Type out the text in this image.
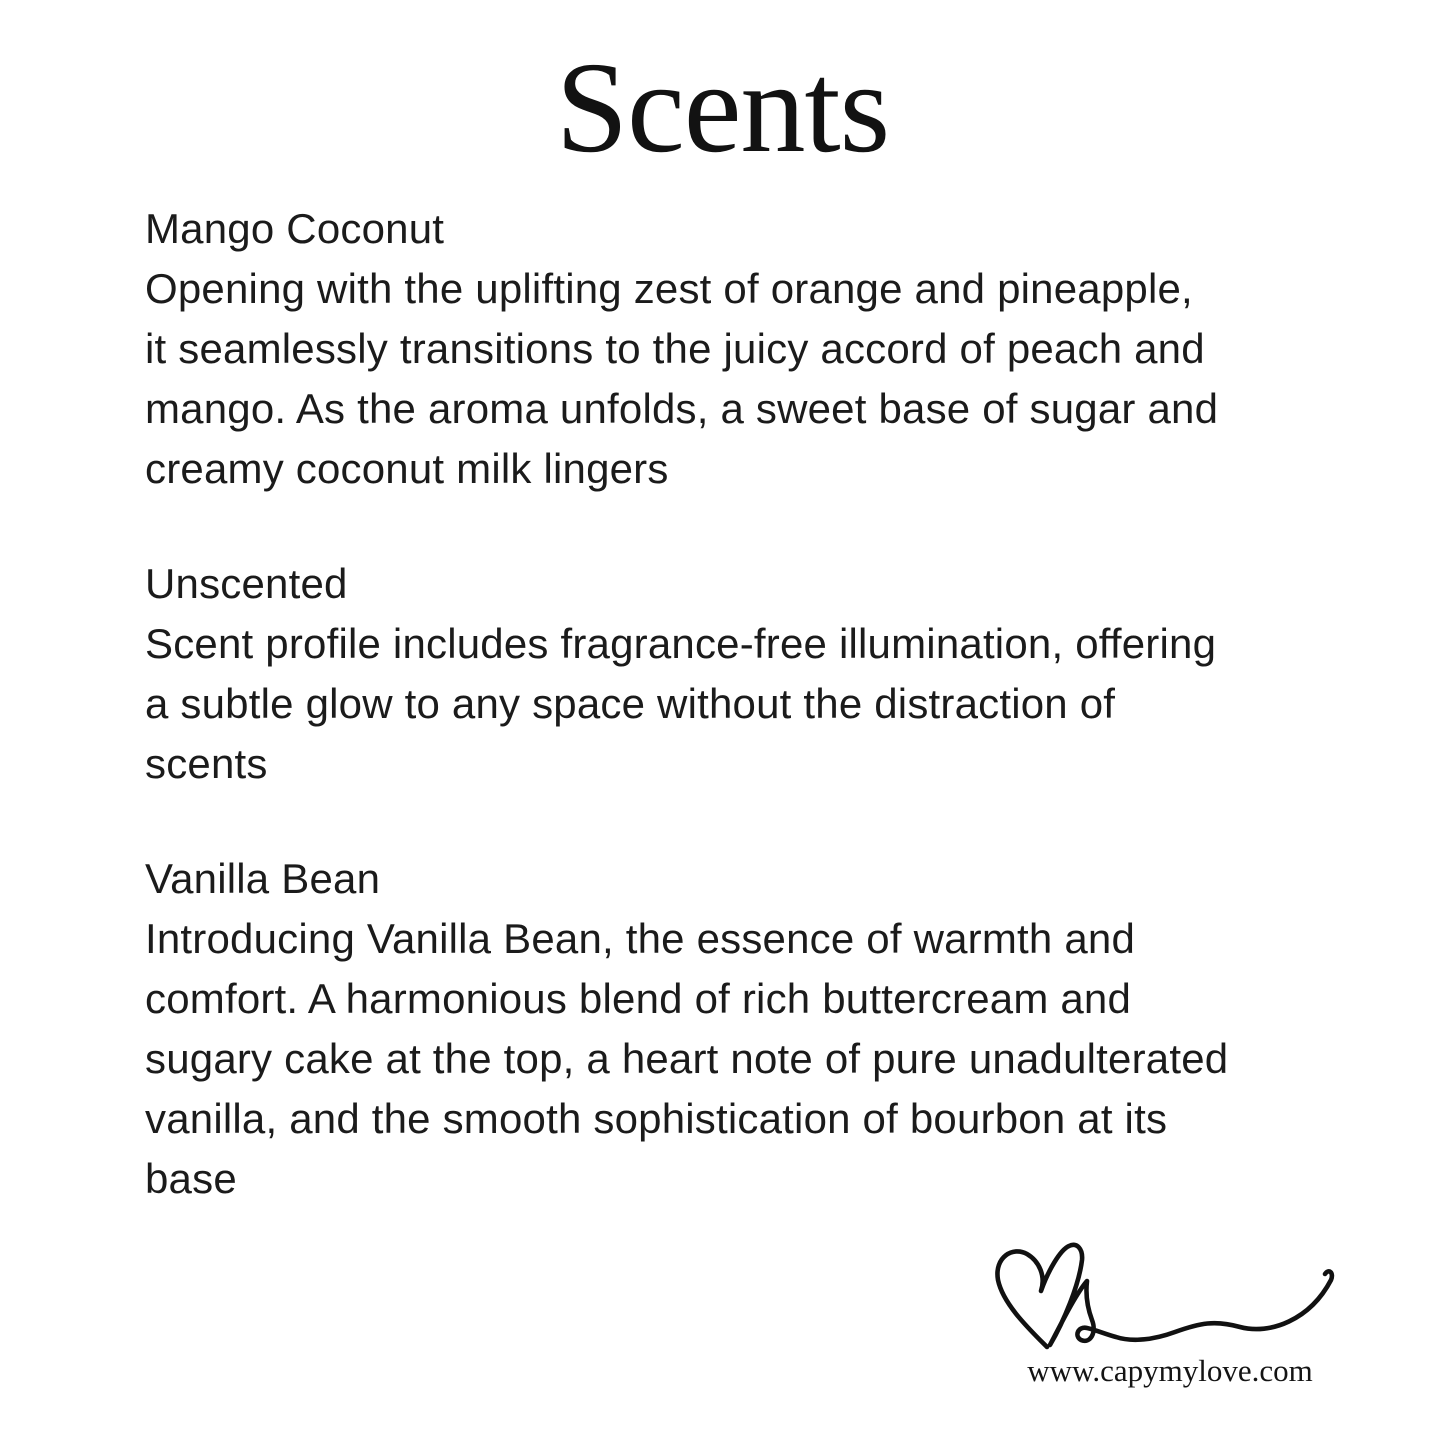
Scents
Mango Coconut
Opening with the uplifting zest of orange and pineapple,
it seamlessly transitions to the juicy accord of peach and
mango. As the aroma unfolds, a sweet base of sugar and
creamy coconut milk lingers
Unscented
Scent profile includes fragrance-free illumination, offering
a subtle glow to any space without the distraction of
scents
Vanilla Bean
Introducing Vanilla Bean, the essence of warmth and
comfort. A harmonious blend of rich buttercream and
sugary cake at the top, a heart note of pure unadulterated
vanilla, and the smooth sophistication of bourbon at its
base
www.capymylove.com
